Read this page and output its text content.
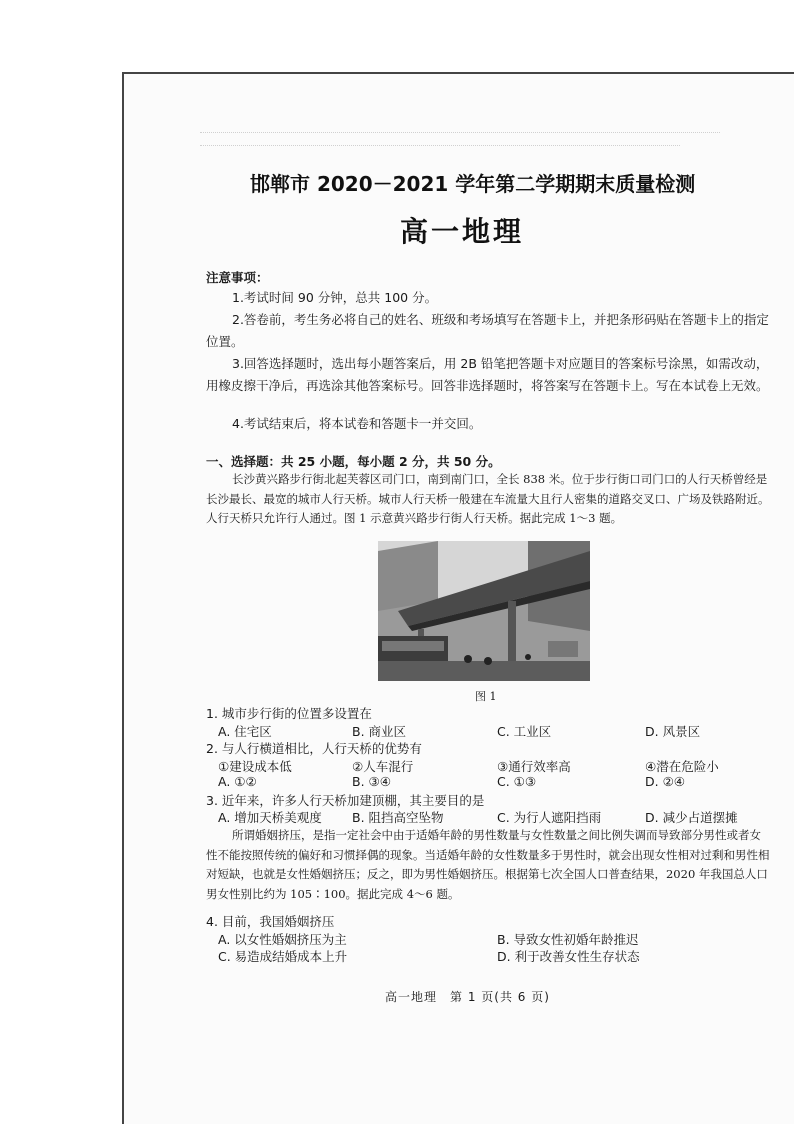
邯郸市 2020－2021 学年第二学期期末质量检测
高一地理
注意事项：
1.考试时间 90 分钟，总共 100 分。
2.答卷前，考生务必将自己的姓名、班级和考场填写在答题卡上，并把条形码贴在答题卡上的指定位置。
3.回答选择题时，选出每小题答案后，用 2B 铅笔把答题卡对应题目的答案标号涂黑，如需改动，用橡皮擦干净后，再选涂其他答案标号。回答非选择题时，将答案写在答题卡上。写在本试卷上无效。
4.考试结束后，将本试卷和答题卡一并交回。
一、选择题：共 25 小题，每小题 2 分，共 50 分。
长沙黄兴路步行街北起芙蓉区司门口，南到南门口，全长 838 米。位于步行街口司门口的人行天桥曾经是长沙最长、最宽的城市人行天桥。城市人行天桥一般建在车流量大且行人密集的道路交叉口、广场及铁路附近。人行天桥只允许行人通过。图 1 示意黄兴路步行街人行天桥。据此完成 1～3 题。
图 1
1. 城市步行街的位置多设置在
A. 住宅区	B. 商业区	C. 工业区	D. 风景区
2. 与人行横道相比，人行天桥的优势有
①建设成本低	②人车混行	③通行效率高	④潜在危险小
A. ①②	B. ③④	C. ①③	D. ②④
3. 近年来，许多人行天桥加建顶棚，其主要目的是
A. 增加天桥美观度 B. 阻挡高空坠物	C. 为行人遮阳挡雨	D. 减少占道摆摊
所谓婚姻挤压，是指一定社会中由于适婚年龄的男性数量与女性数量之间比例失调而导致部分男性或者女性不能按照传统的偏好和习惯择偶的现象。当适婚年龄的女性数量多于男性时，就会出现女性相对过剩和男性相对短缺，也就是女性婚姻挤压；反之，即为男性婚姻挤压。根据第七次全国人口普查结果，2020 年我国总人口男女性别比约为 105∶100。据此完成 4～6 题。
4. 目前，我国婚姻挤压
A. 以女性婚姻挤压为主	B. 导致女性初婚年龄推迟
C. 易造成结婚成本上升	D. 利于改善女性生存状态
高一地理　第 1 页(共 6 页)
